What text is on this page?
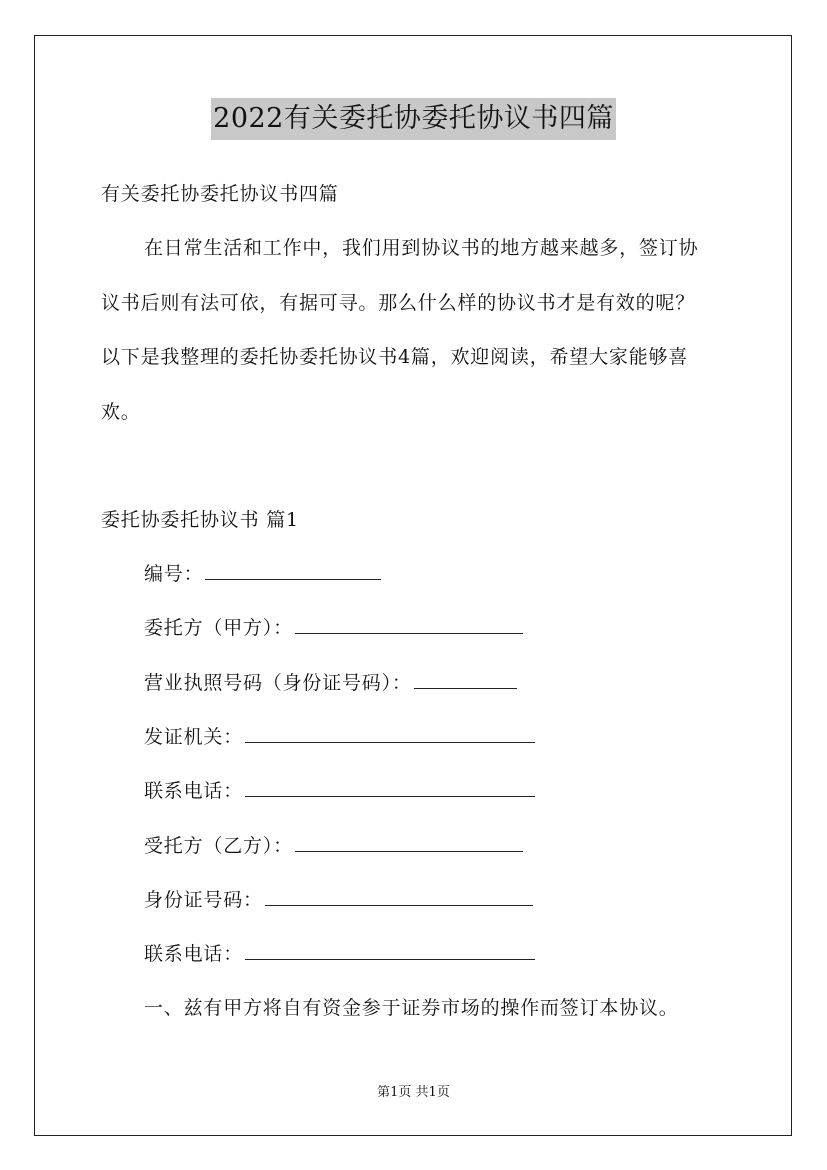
2022有关委托协委托协议书四篇
有关委托协委托协议书四篇
在日常生活和工作中，我们用到协议书的地方越来越多，签订协
议书后则有法可依，有据可寻。那么什么样的协议书才是有效的呢？
以下是我整理的委托协委托协议书4篇，欢迎阅读，希望大家能够喜
欢。
委托协委托协议书 篇1
编号：
委托方（甲方）：
营业执照号码（身份证号码）：
发证机关：
联系电话：
受托方（乙方）：
身份证号码：
联系电话：
一、兹有甲方将自有资金参于证券市场的操作而签订本协议。
第1页 共1页
